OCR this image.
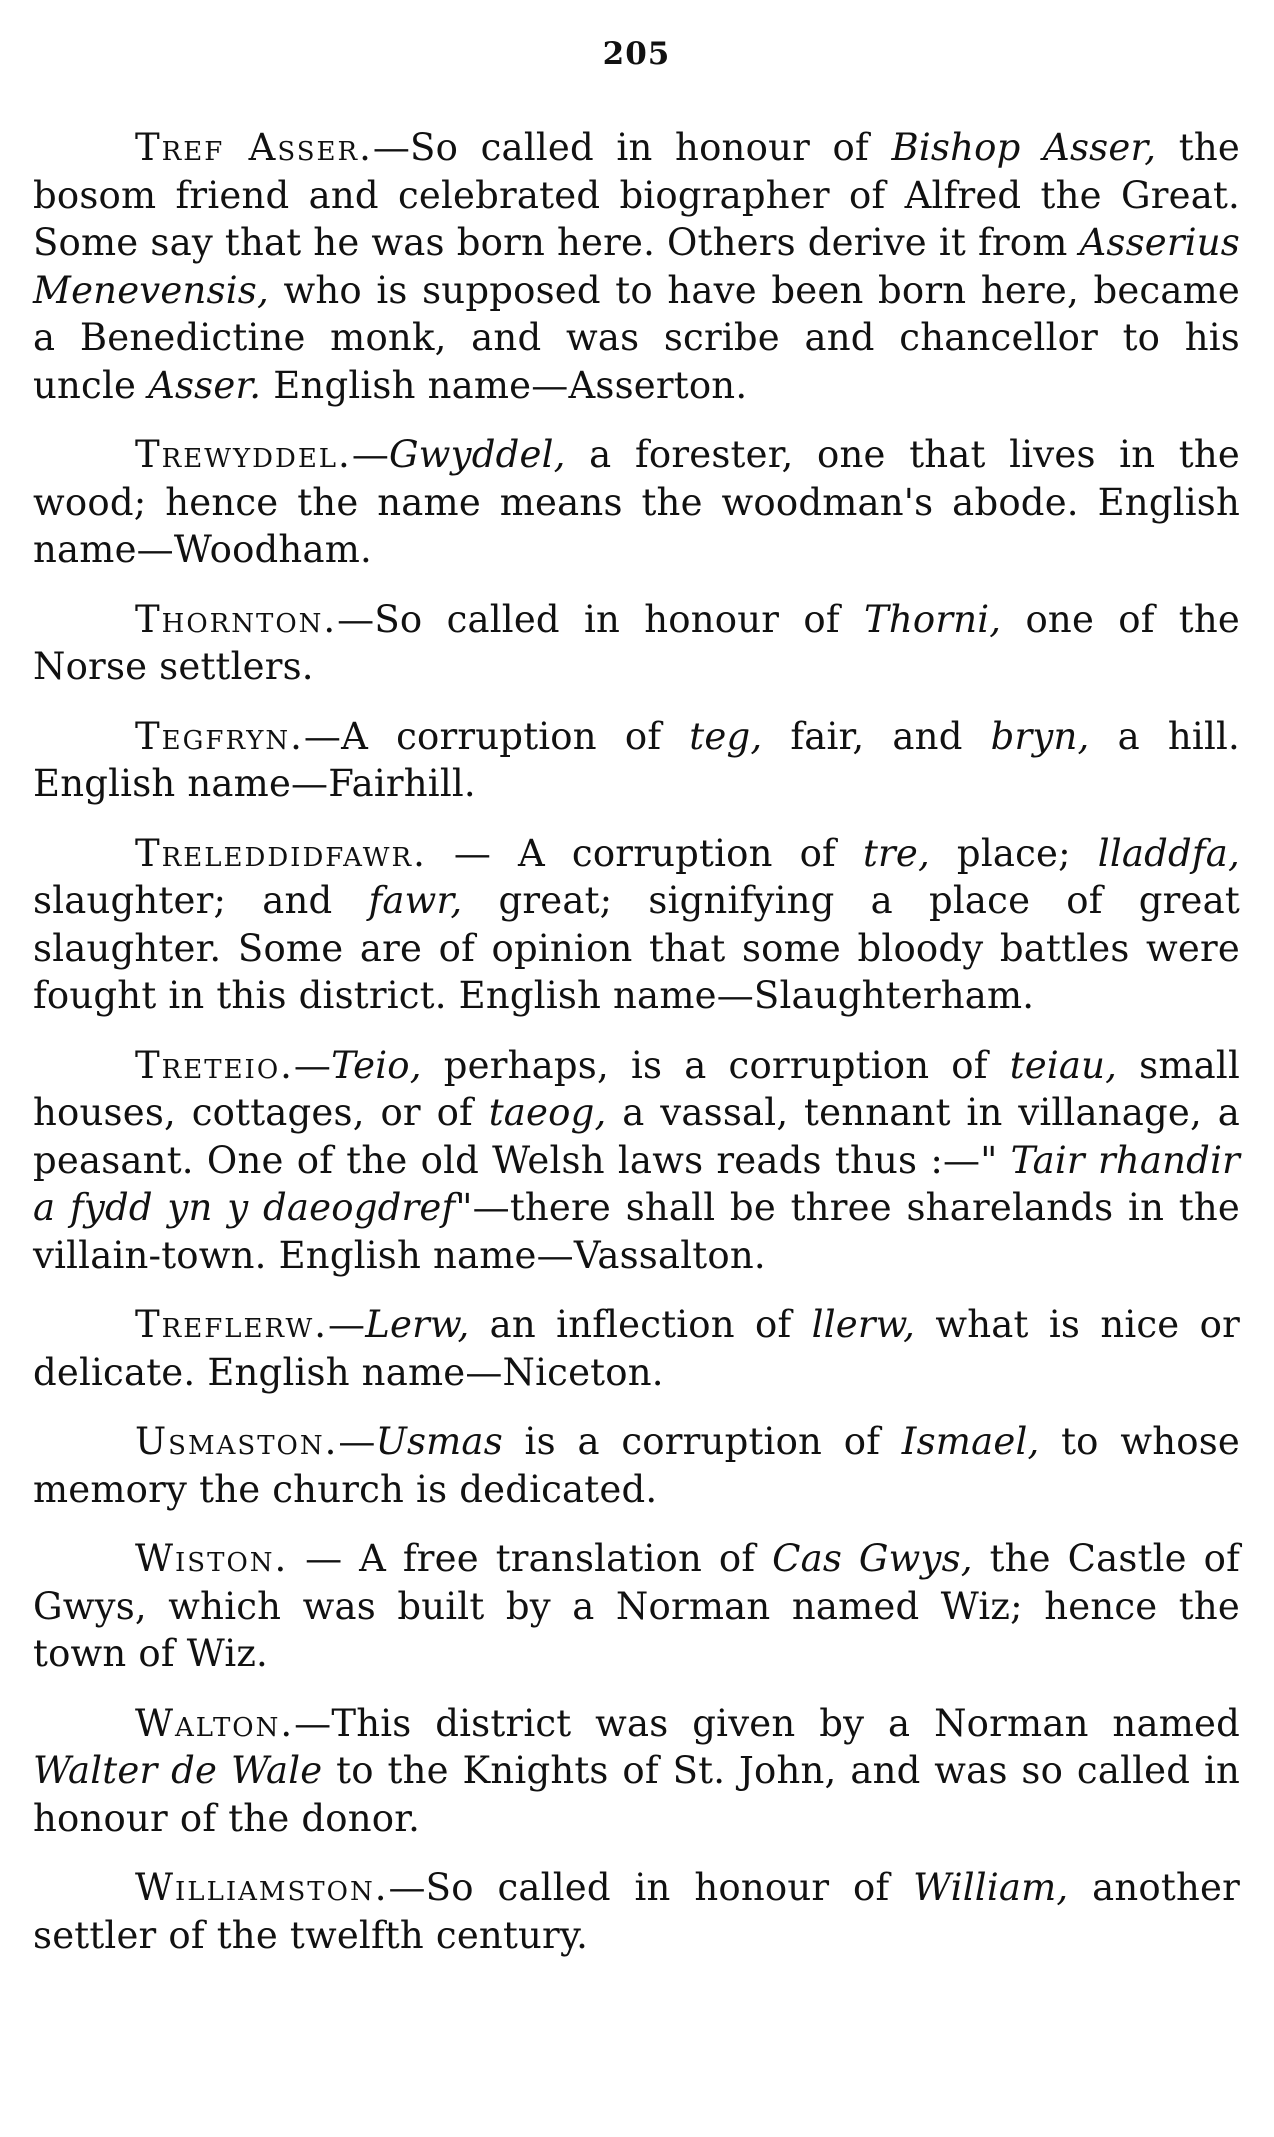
205

Tref Asser.—So called in honour of Bishop Asser, the bosom friend and celebrated biographer of Alfred the Great. Some say that he was born here. Others derive it from Asserius Menevensis, who is supposed to have been born here, became a Benedictine monk, and was scribe and chancellor to his uncle Asser. English name—Asserton.

Trewyddel.—Gwyddel, a forester, one that lives in the wood; hence the name means the woodman's abode. English name—Woodham.

Thornton.—So called in honour of Thorni, one of the Norse settlers.

Tegfryn.—A corruption of teg, fair, and bryn, a hill. English name—Fairhill.

Treleddidfawr. — A corruption of tre, place; lladdfa, slaughter; and fawr, great; signifying a place of great slaughter. Some are of opinion that some bloody battles were fought in this district. English name—Slaughterham.

Treteio.—Teio, perhaps, is a corruption of teiau, small houses, cottages, or of taeog, a vassal, tennant in villanage, a peasant. One of the old Welsh laws reads thus :—" Tair rhandir a fydd yn y daeogdref"—there shall be three sharelands in the villain-town. English name—Vassalton.

Treflerw.—Lerw, an inflection of llerw, what is nice or delicate. English name—Niceton.

Usmaston.—Usmas is a corruption of Ismael, to whose memory the church is dedicated.

Wiston. — A free translation of Cas Gwys, the Castle of Gwys, which was built by a Norman named Wiz; hence the town of Wiz.

Walton.—This district was given by a Norman named Walter de Wale to the Knights of St. John, and was so called in honour of the donor.

Williamston.—So called in honour of William, another settler of the twelfth century.
